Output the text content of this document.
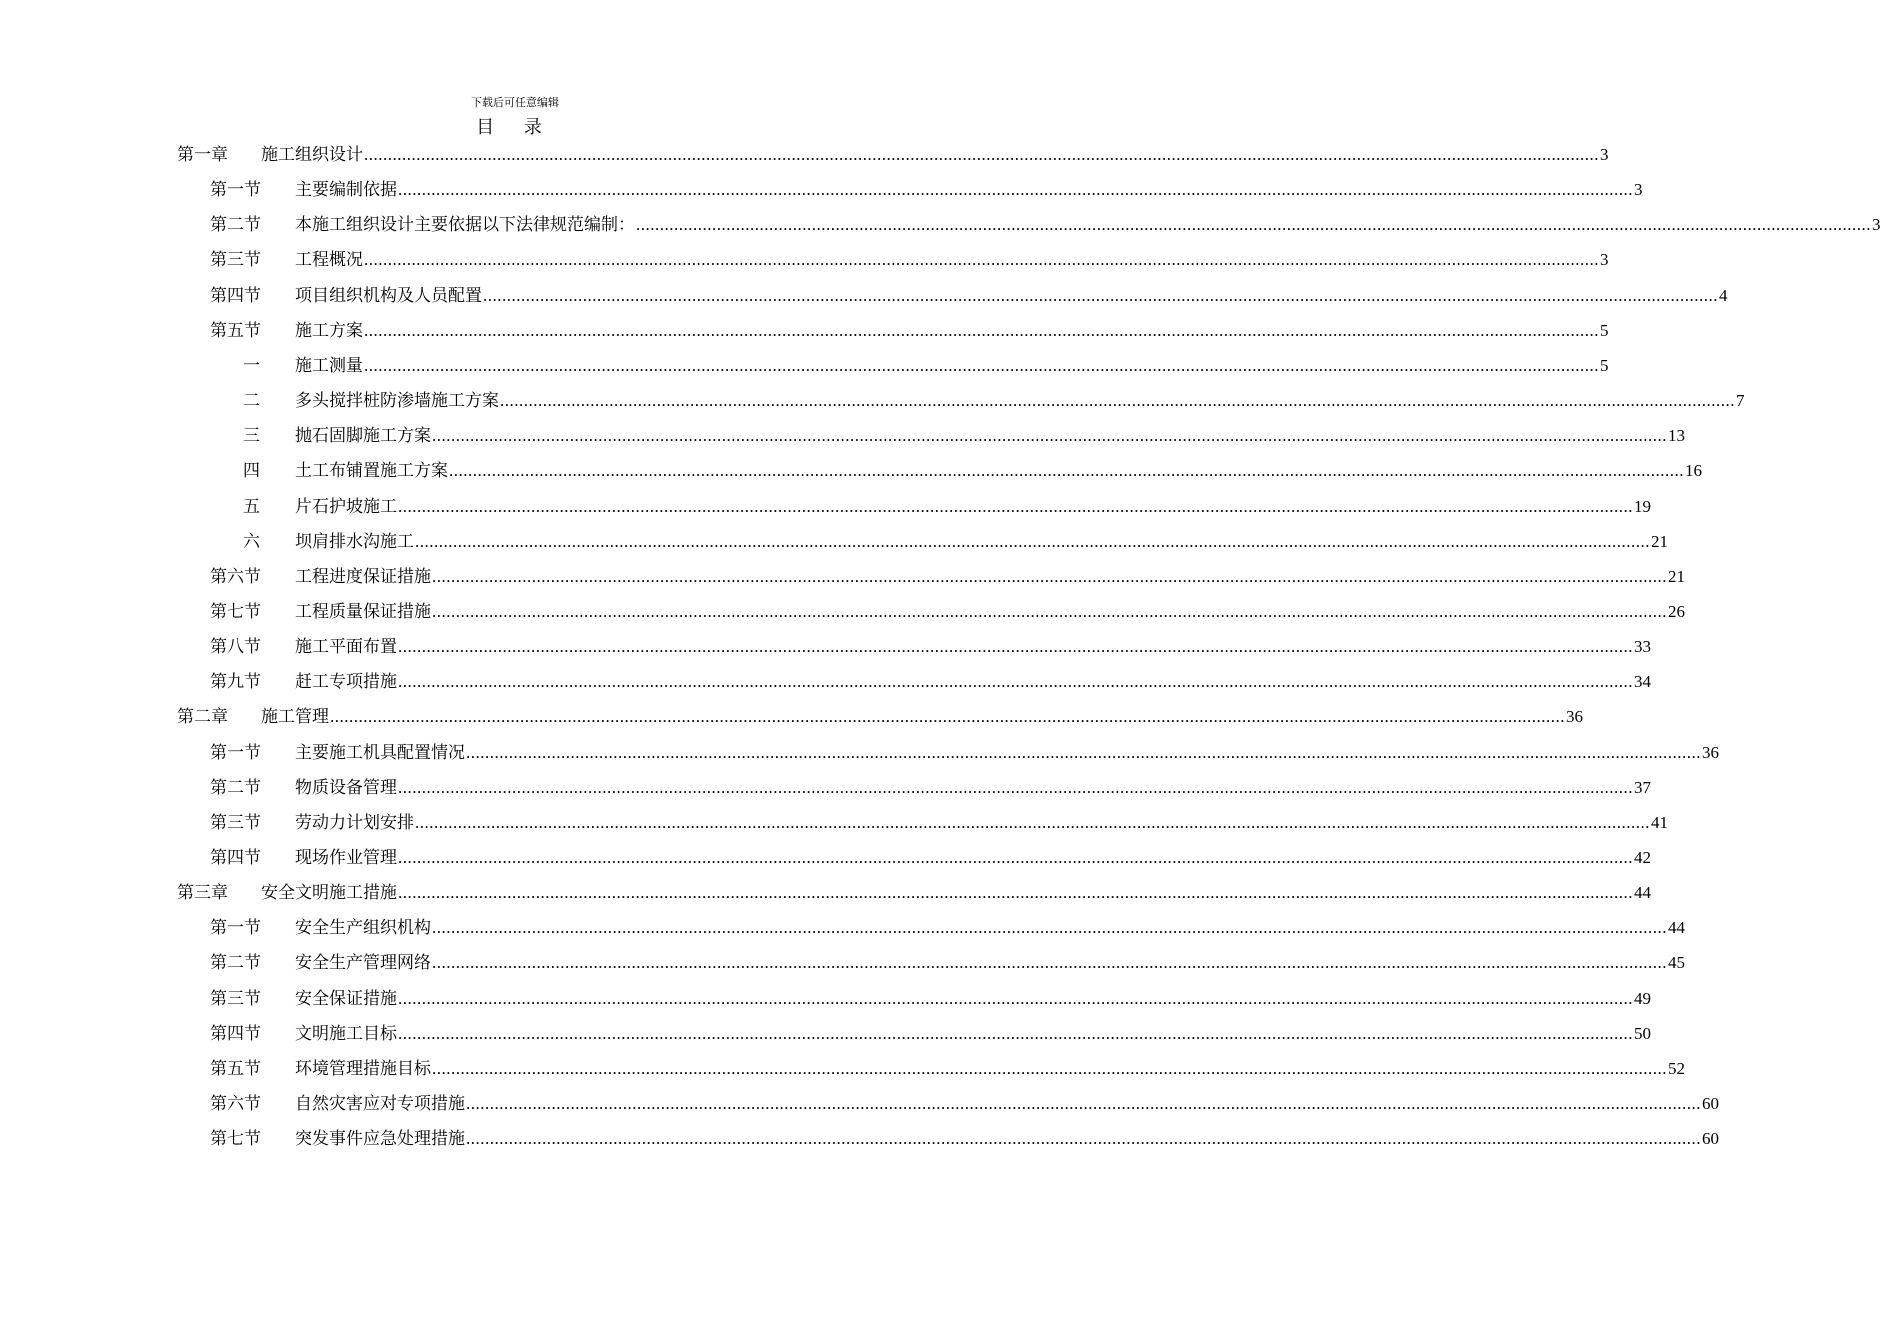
下载后可任意编辑
目 录
第一章 施工组织设计 .................................................................................................................................................................................................................................................................... 3
第一节 主要编制依据 .................................................................................................................................................................................................................................................................... 3
第二节 本施工组织设计主要依据以下法律规范编制： .................................................................................................................................................................................................................................................................... 3
第三节 工程概况 .................................................................................................................................................................................................................................................................... 3
第四节 项目组织机构及人员配置 .................................................................................................................................................................................................................................................................... 4
第五节 施工方案 .................................................................................................................................................................................................................................................................... 5
一 施工测量 .................................................................................................................................................................................................................................................................... 5
二 多头搅拌桩防渗墙施工方案 .................................................................................................................................................................................................................................................................... 7
三 抛石固脚施工方案 .................................................................................................................................................................................................................................................................... 13
四 土工布铺置施工方案 .................................................................................................................................................................................................................................................................... 16
五 片石护坡施工 .................................................................................................................................................................................................................................................................... 19
六 坝肩排水沟施工 .................................................................................................................................................................................................................................................................... 21
第六节 工程进度保证措施 .................................................................................................................................................................................................................................................................... 21
第七节 工程质量保证措施 .................................................................................................................................................................................................................................................................... 26
第八节 施工平面布置 .................................................................................................................................................................................................................................................................... 33
第九节 赶工专项措施 .................................................................................................................................................................................................................................................................... 34
第二章 施工管理 .................................................................................................................................................................................................................................................................... 36
第一节 主要施工机具配置情况 .................................................................................................................................................................................................................................................................... 36
第二节 物质设备管理 .................................................................................................................................................................................................................................................................... 37
第三节 劳动力计划安排 .................................................................................................................................................................................................................................................................... 41
第四节 现场作业管理 .................................................................................................................................................................................................................................................................... 42
第三章 安全文明施工措施 .................................................................................................................................................................................................................................................................... 44
第一节 安全生产组织机构 .................................................................................................................................................................................................................................................................... 44
第二节 安全生产管理网络 .................................................................................................................................................................................................................................................................... 45
第三节 安全保证措施 .................................................................................................................................................................................................................................................................... 49
第四节 文明施工目标 .................................................................................................................................................................................................................................................................... 50
第五节 环境管理措施目标 .................................................................................................................................................................................................................................................................... 52
第六节 自然灾害应对专项措施 .................................................................................................................................................................................................................................................................... 60
第七节 突发事件应急处理措施 .................................................................................................................................................................................................................................................................... 60
